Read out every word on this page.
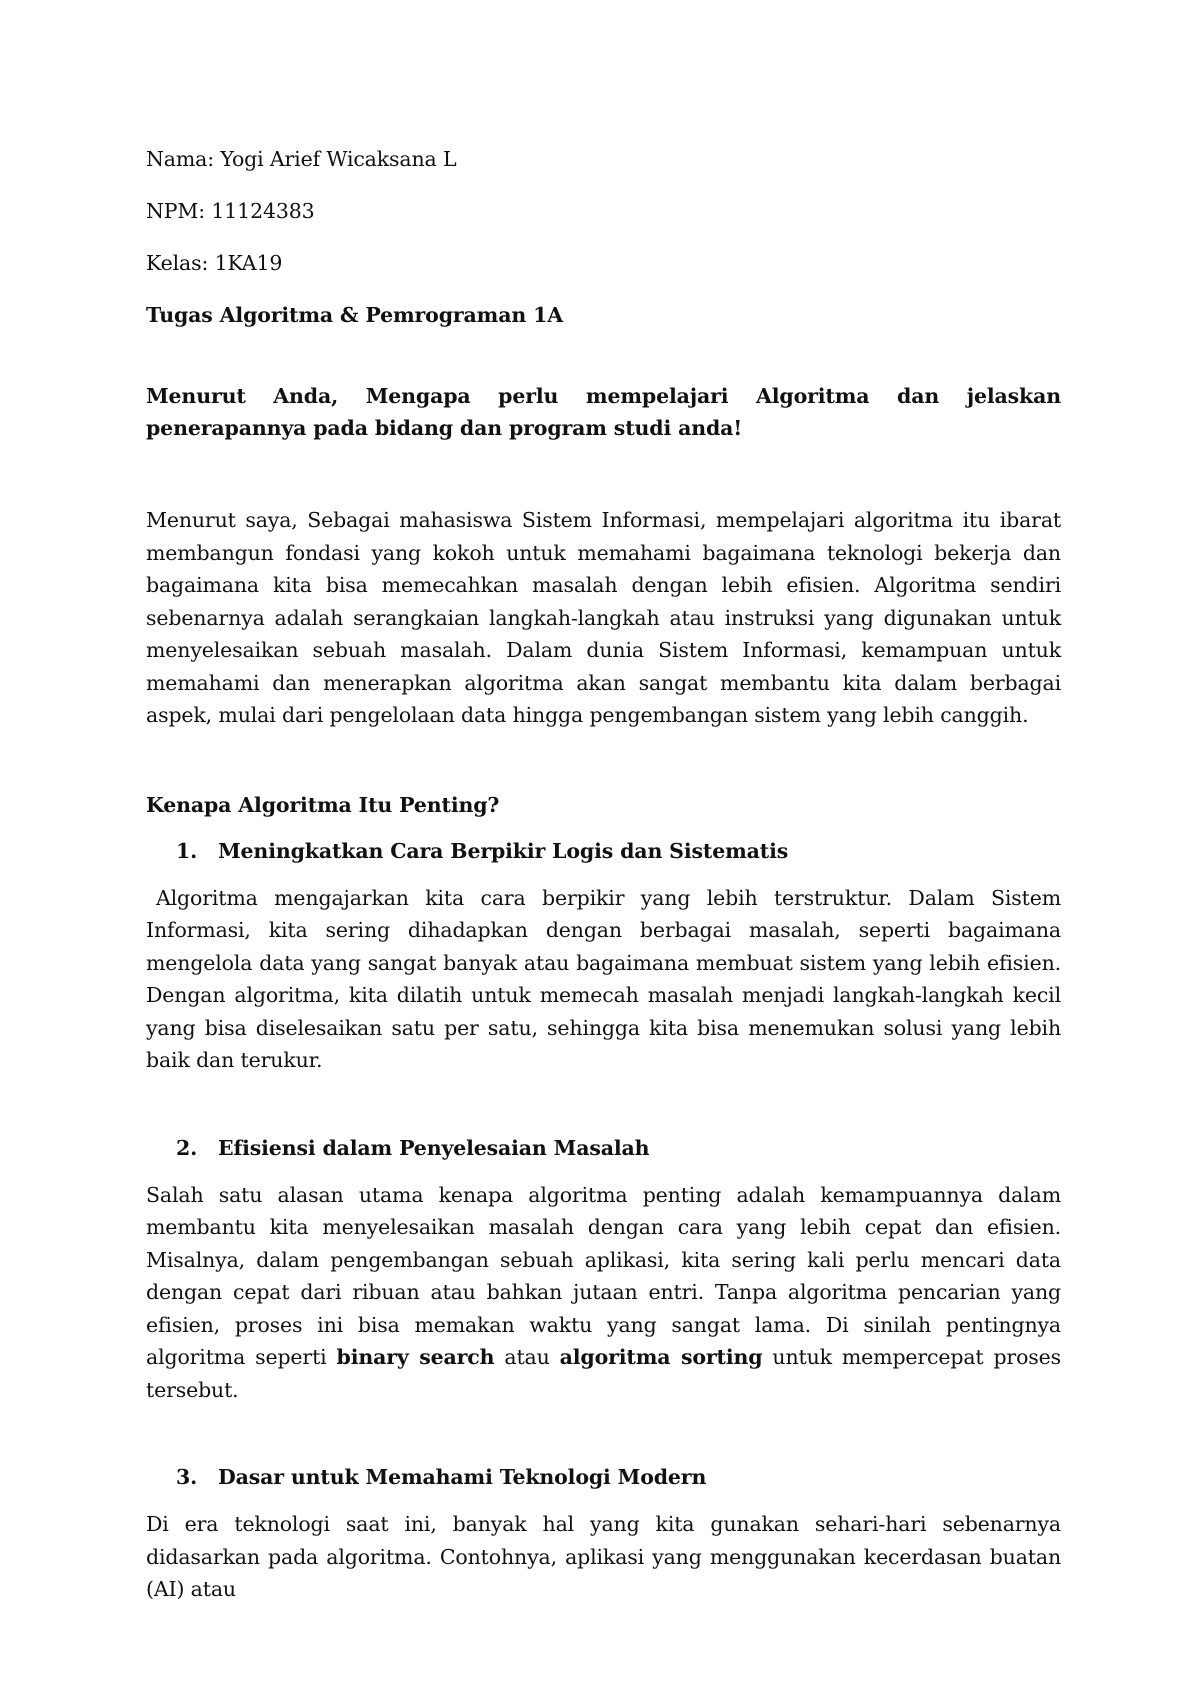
Nama: Yogi Arief Wicaksana L

NPM: 11124383

Kelas: 1KA19

Tugas Algoritma & Pemrograman 1A

Menurut Anda, Mengapa perlu mempelajari Algoritma dan jelaskan penerapannya pada bidang dan program studi anda!

Menurut saya, Sebagai mahasiswa Sistem Informasi, mempelajari algoritma itu ibarat membangun fondasi yang kokoh untuk memahami bagaimana teknologi bekerja dan bagaimana kita bisa memecahkan masalah dengan lebih efisien. Algoritma sendiri sebenarnya adalah serangkaian langkah-langkah atau instruksi yang digunakan untuk menyelesaikan sebuah masalah. Dalam dunia Sistem Informasi, kemampuan untuk memahami dan menerapkan algoritma akan sangat membantu kita dalam berbagai aspek, mulai dari pengelolaan data hingga pengembangan sistem yang lebih canggih.

Kenapa Algoritma Itu Penting?

1.	Meningkatkan Cara Berpikir Logis dan Sistematis

Algoritma mengajarkan kita cara berpikir yang lebih terstruktur. Dalam Sistem Informasi, kita sering dihadapkan dengan berbagai masalah, seperti bagaimana mengelola data yang sangat banyak atau bagaimana membuat sistem yang lebih efisien. Dengan algoritma, kita dilatih untuk memecah masalah menjadi langkah-langkah kecil yang bisa diselesaikan satu per satu, sehingga kita bisa menemukan solusi yang lebih baik dan terukur.

2.	Efisiensi dalam Penyelesaian Masalah

Salah satu alasan utama kenapa algoritma penting adalah kemampuannya dalam membantu kita menyelesaikan masalah dengan cara yang lebih cepat dan efisien. Misalnya, dalam pengembangan sebuah aplikasi, kita sering kali perlu mencari data dengan cepat dari ribuan atau bahkan jutaan entri. Tanpa algoritma pencarian yang efisien, proses ini bisa memakan waktu yang sangat lama. Di sinilah pentingnya algoritma seperti binary search atau algoritma sorting untuk mempercepat proses tersebut.

3.	Dasar untuk Memahami Teknologi Modern

Di era teknologi saat ini, banyak hal yang kita gunakan sehari-hari sebenarnya didasarkan pada algoritma. Contohnya, aplikasi yang menggunakan kecerdasan buatan (AI) atau
